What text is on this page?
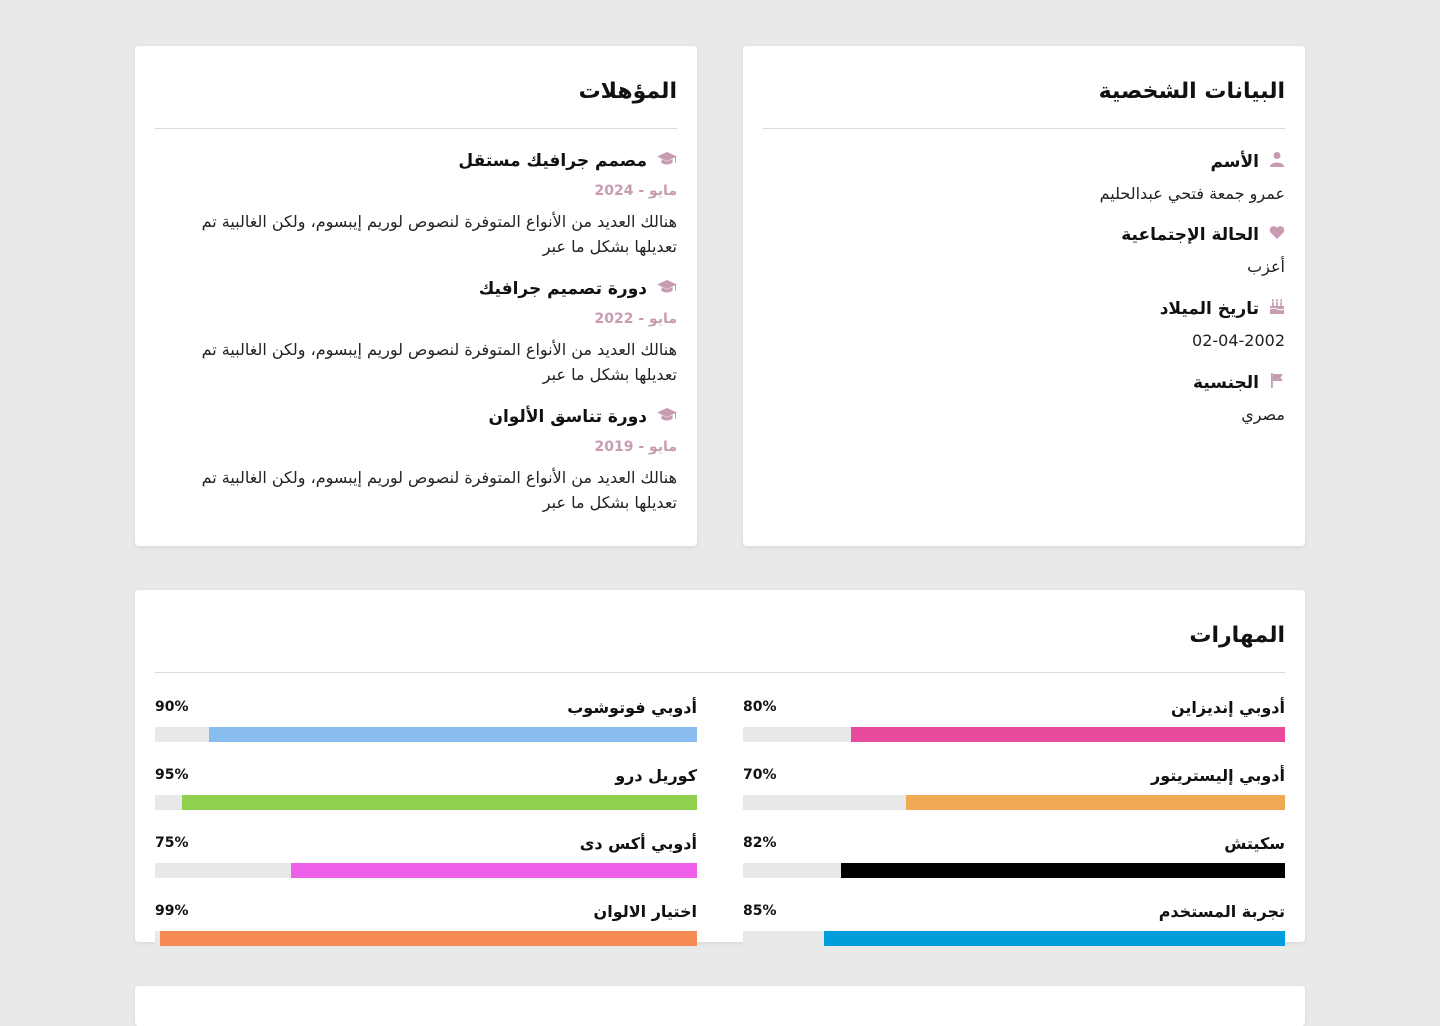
البيانات الشخصية
الأسم
عمرو جمعة فتحي عبدالحليم
الحالة الإجتماعية
أعزب
تاريخ الميلاد
02-04-2002
الجنسية
مصري
المؤهلات
مصمم جرافيك مستقل
مايو - 2024

هنالك العديد من الأنواع المتوفرة لنصوص لوريم إيبسوم، ولكن الغالبية تم تعديلها بشكل ما عبر

دورة تصميم جرافيك
مايو - 2022

هنالك العديد من الأنواع المتوفرة لنصوص لوريم إيبسوم، ولكن الغالبية تم تعديلها بشكل ما عبر

دورة تناسق الألوان
مايو - 2019

هنالك العديد من الأنواع المتوفرة لنصوص لوريم إيبسوم، ولكن الغالبية تم تعديلها بشكل ما عبر

المهارات
أدوبي إنديزاين
80%
أدوبي فوتوشوب
90%
أدوبي إليستريتور
70%
كوريل درو
95%
سكيتش
82%
أدوبي أكس دى
75%
تجربة المستخدم
85%
اختيار الالوان
99%
